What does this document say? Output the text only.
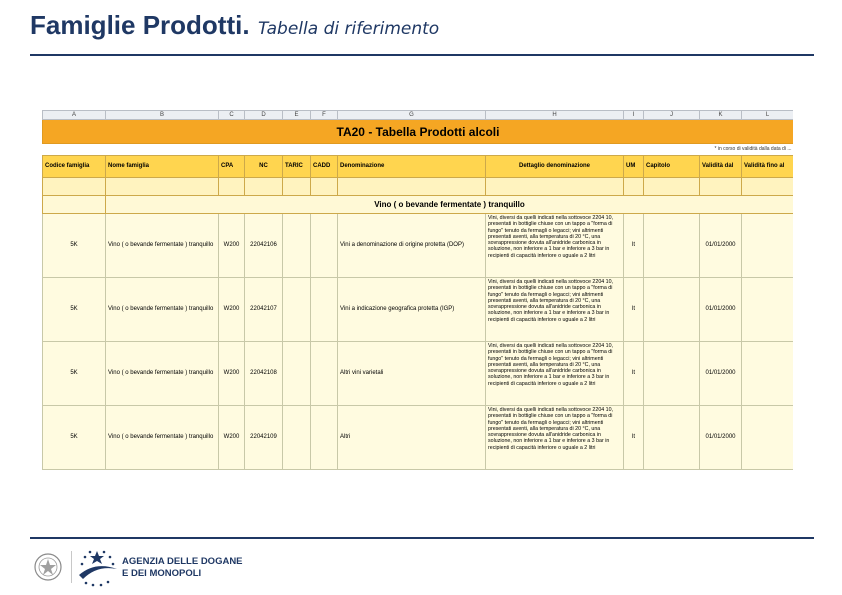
Famiglie Prodotti. Tabella di riferimento
A	B	C	D	E	F	G	H	I	J	K	L
TA20 - Tabella Prodotti alcoli											
* in corso di validità dalla data di ...											
Codice famiglia	Nome famiglia	CPA	NC	TARIC	CADD	Denominazione	Dettaglio denominazione	UM	Capitolo	Validità dal	Validità fino al

	Vino ( o bevande fermentate ) tranquillo										
5K	Vino ( o bevande fermentate ) tranquillo	W200	22042106			Vini a denominazione di origine protetta (DOP)	Vini, diversi da quelli indicati nella sottovoce 2204 10, presentati in bottiglie chiuse con un tappo a "forma di fungo" tenuto da fermagli o legacci; vini altrimenti presentati aventi, alla temperatura di 20 °C, una sovrappressione dovuta all'anidride carbonica in soluzione, non inferiore a 1 bar e inferiore a 3 bar in recipienti di capacità inferiore o uguale a 2 litri	lt		01/01/2000	
5K	Vino ( o bevande fermentate ) tranquillo	W200	22042107			Vini a indicazione geografica protetta (IGP)	Vini, diversi da quelli indicati nella sottovoce 2204 10, presentati in bottiglie chiuse con un tappo a "forma di fungo" tenuto da fermagli o legacci; vini altrimenti presentati aventi, alla temperatura di 20 °C, una sovrappressione dovuta all'anidride carbonica in soluzione, non inferiore a 1 bar e inferiore a 3 bar in recipienti di capacità inferiore o uguale a 2 litri	lt		01/01/2000	
5K	Vino ( o bevande fermentate ) tranquillo	W200	22042108			Altri vini varietali	Vini, diversi da quelli indicati nella sottovoce 2204 10, presentati in bottiglie chiuse con un tappo a "forma di fungo" tenuto da fermagli o legacci; vini altrimenti presentati aventi, alla temperatura di 20 °C, una sovrappressione dovuta all'anidride carbonica in soluzione, non inferiore a 1 bar e inferiore a 3 bar in recipienti di capacità inferiore o uguale a 2 litri	lt		01/01/2000	
5K	Vino ( o bevande fermentate ) tranquillo	W200	22042109			Altri	Vini, diversi da quelli indicati nella sottovoce 2204 10, presentati in bottiglie chiuse con un tappo a "forma di fungo" tenuto da fermagli o legacci; vini altrimenti presentati aventi, alla temperatura di 20 °C, una sovrappressione dovuta all'anidride carbonica in soluzione, non inferiore a 1 bar e inferiore a 3 bar in recipienti di capacità inferiore o uguale a 2 litri	lt		01/01/2000	
AGENZIA DELLE DOGANE
E DEI MONOPOLI
